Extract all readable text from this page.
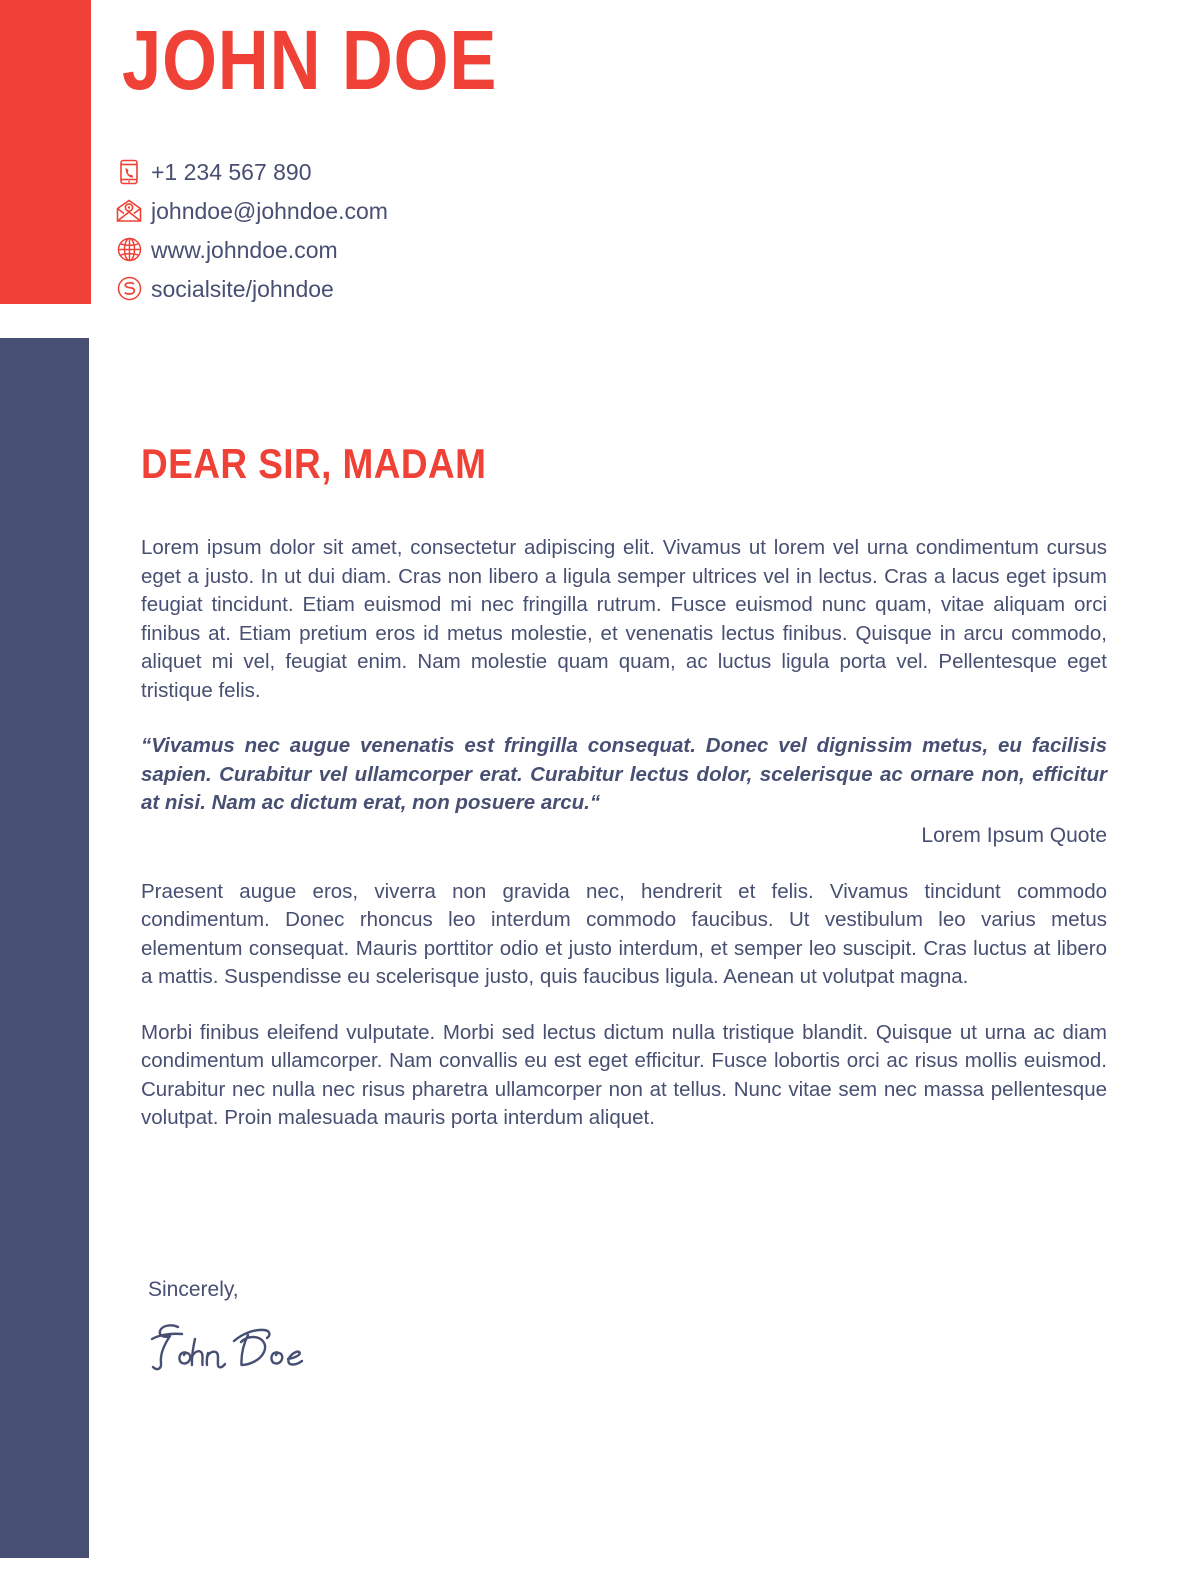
JOHN DOE
+1 234 567 890
johndoe@johndoe.com
www.johndoe.com
socialsite/johndoe
DEAR SIR, MADAM

Lorem ipsum dolor sit amet, consectetur adipiscing elit. Vivamus ut lorem vel urna condimentum cursus eget a justo. In ut dui diam. Cras non libero a ligula semper ultrices vel in lectus. Cras a lacus eget ipsum feugiat tincidunt. Etiam euismod mi nec fringilla rutrum. Fusce euismod nunc quam, vitae aliquam orci finibus at. Etiam pretium eros id metus molestie, et venenatis lectus finibus. Quisque in arcu commodo, aliquet mi vel, feugiat enim. Nam molestie quam quam, ac luctus ligula porta vel. Pellentesque eget tristique felis.

“Vivamus nec augue venenatis est fringilla consequat. Donec vel dignissim metus, eu facilisis sapien. Curabitur vel ullamcorper erat. Curabitur lectus dolor, scelerisque ac ornare non, efficitur at nisi. Nam ac dictum erat, non posuere arcu.“

Lorem Ipsum Quote

Praesent augue eros, viverra non gravida nec, hendrerit et felis. Vivamus tincidunt commodo condimentum. Donec rhoncus leo interdum commodo faucibus. Ut vestibulum leo varius metus elementum consequat. Mauris porttitor odio et justo interdum, et semper leo suscipit. Cras luctus at libero a mattis. Suspendisse eu scelerisque justo, quis faucibus ligula. Aenean ut volutpat magna.

Morbi finibus eleifend vulputate. Morbi sed lectus dictum nulla tristique blandit. Quisque ut urna ac diam condimentum ullamcorper. Nam convallis eu est eget efficitur. Fusce lobortis orci ac risus mollis euismod. Curabitur nec nulla nec risus pharetra ullamcorper non at tellus. Nunc vitae sem nec massa pellentesque volutpat. Proin malesuada mauris porta interdum aliquet.

Sincerely,
